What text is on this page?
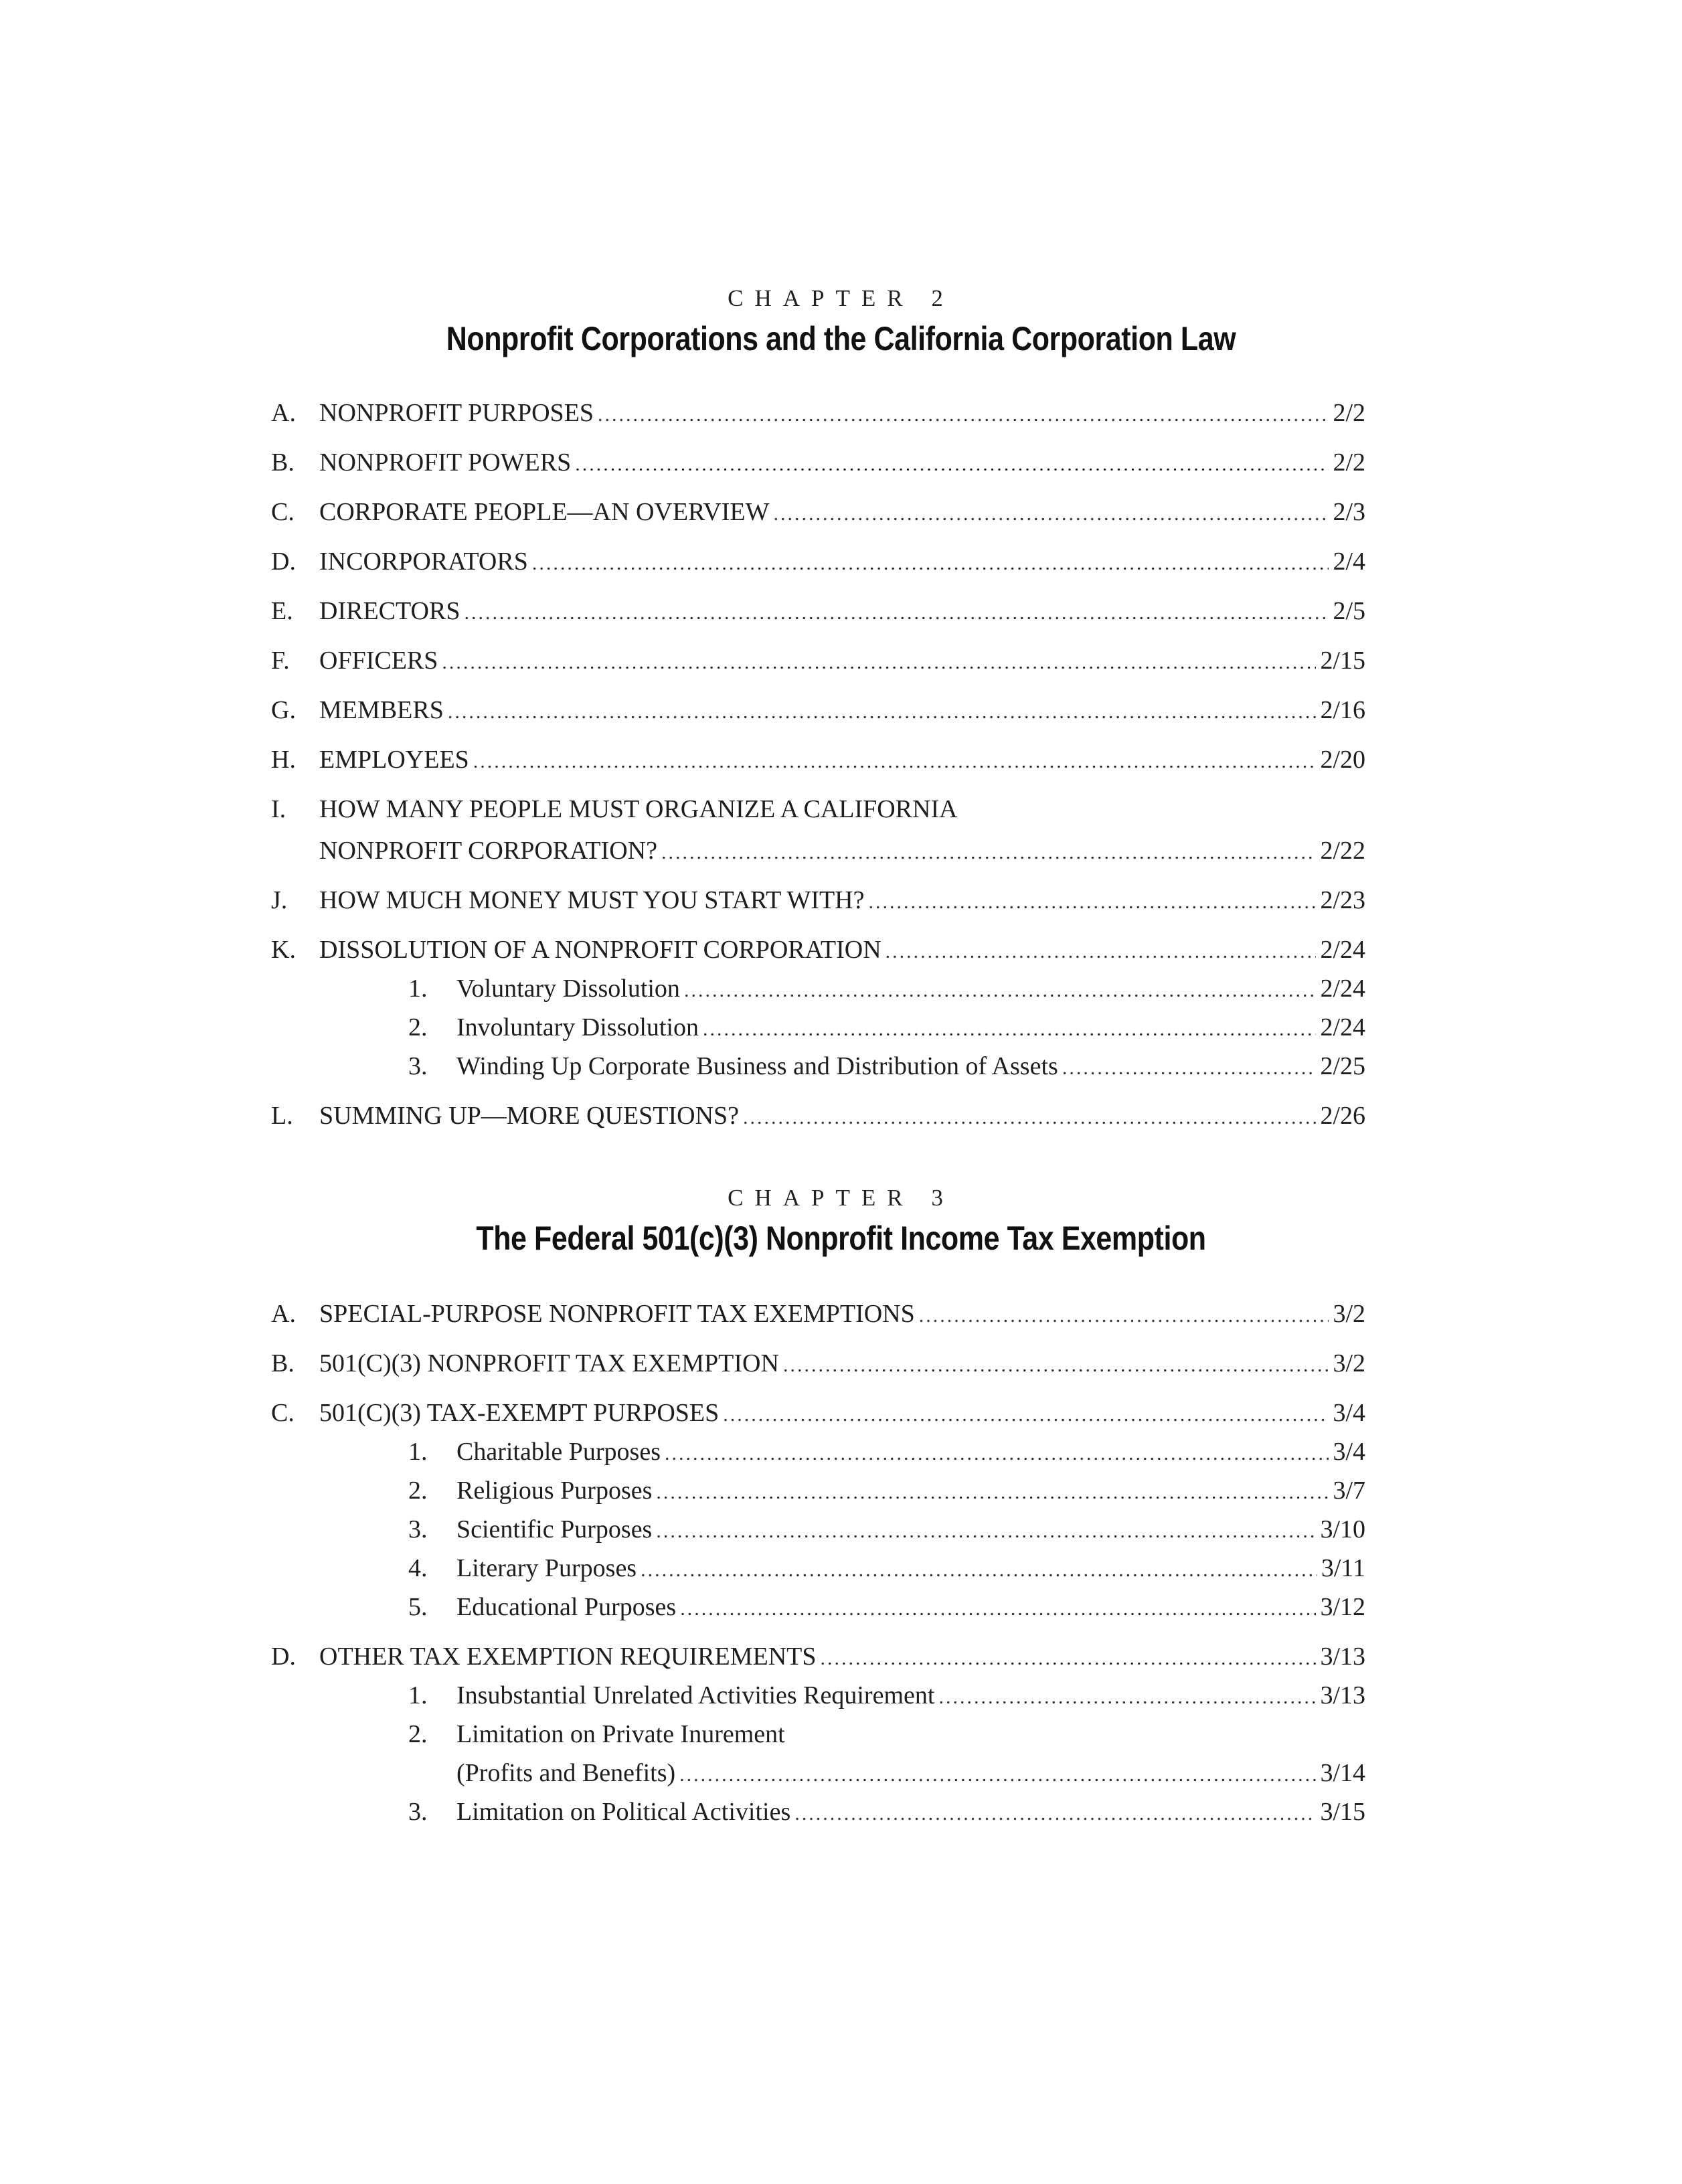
CHAPTER 2
Nonprofit Corporations and the California Corporation Law
A. NONPROFIT PURPOSES .....	2/2
B. NONPROFIT POWERS .....	2/2
C. CORPORATE PEOPLE—AN OVERVIEW .....	2/3
D. INCORPORATORS .....	2/4
E. DIRECTORS .....	2/5
F. OFFICERS .....	2/15
G. MEMBERS .....	2/16
H. EMPLOYEES .....	2/20
I. HOW MANY PEOPLE MUST ORGANIZE A CALIFORNIA
NONPROFIT CORPORATION? .....	2/22
J. HOW MUCH MONEY MUST YOU START WITH? .....	2/23
K. DISSOLUTION OF A NONPROFIT CORPORATION .....	2/24
1. Voluntary Dissolution .....	2/24
2. Involuntary Dissolution .....	2/24
3. Winding Up Corporate Business and Distribution of Assets .....	2/25
L. SUMMING UP—MORE QUESTIONS? .....	2/26
CHAPTER 3
The Federal 501(c)(3) Nonprofit Income Tax Exemption
A. SPECIAL-PURPOSE NONPROFIT TAX EXEMPTIONS .....	3/2
B. 501(C)(3) NONPROFIT TAX EXEMPTION .....	3/2
C. 501(C)(3) TAX-EXEMPT PURPOSES .....	3/4
1. Charitable Purposes .....	3/4
2. Religious Purposes .....	3/7
3. Scientific Purposes .....	3/10
4. Literary Purposes .....	3/11
5. Educational Purposes .....	3/12
D. OTHER TAX EXEMPTION REQUIREMENTS .....	3/13
1. Insubstantial Unrelated Activities Requirement .....	3/13
2. Limitation on Private Inurement
(Profits and Benefits) .....	3/14
3. Limitation on Political Activities .....	3/15
